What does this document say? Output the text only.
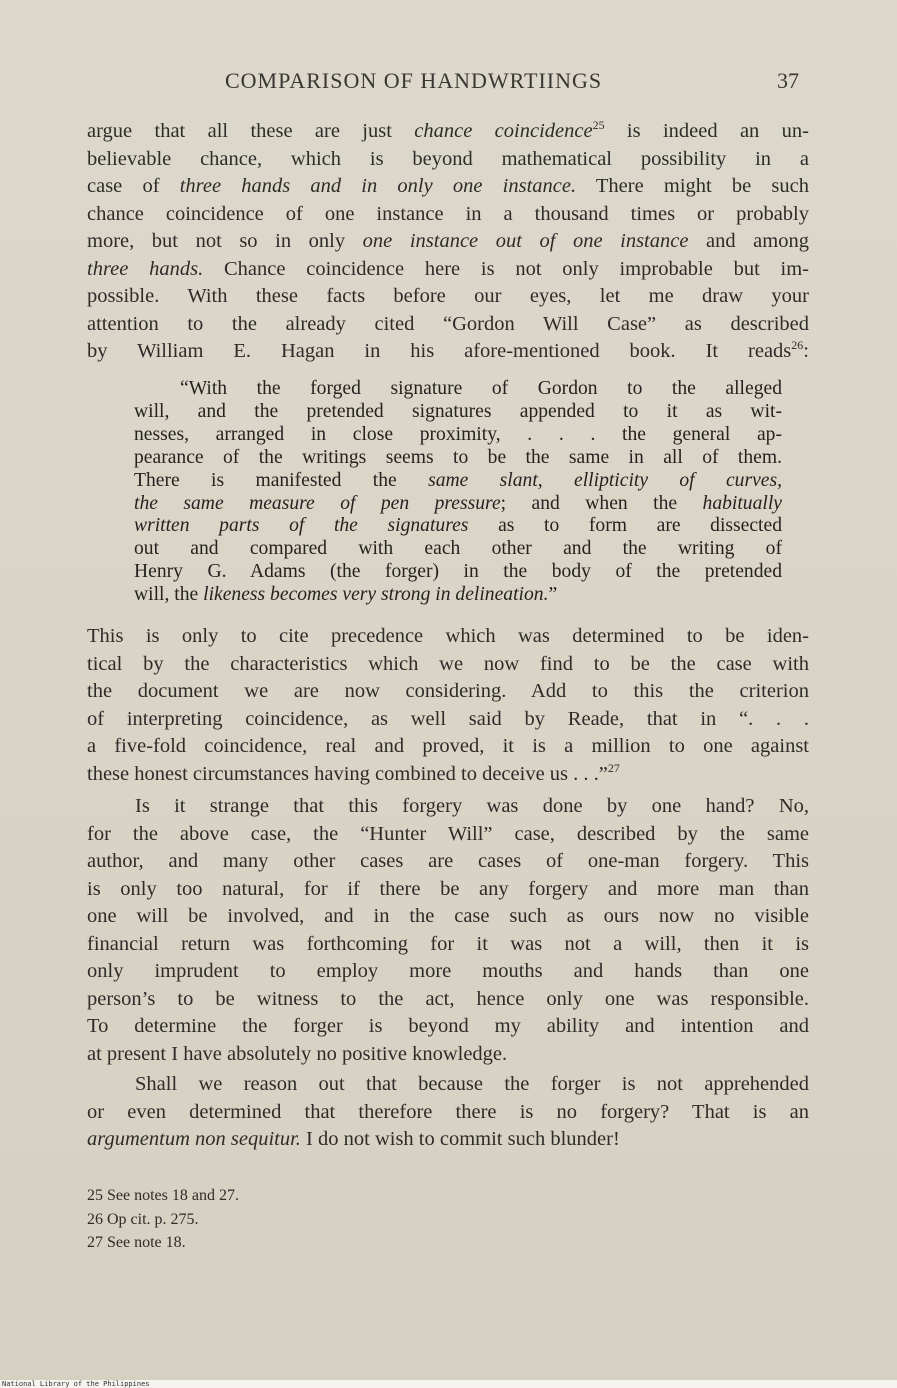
COMPARISON OF HANDWRTIINGS	37
argue that all these are just chance coincidence$^{25}$ is indeed an un-
believable chance, which is beyond mathematical possibility in a
case of three hands and in only one instance. There might be such
chance coincidence of one instance in a thousand times or probably
more, but not so in only one instance out of one instance and among
three hands. Chance coincidence here is not only improbable but im-
possible. With these facts before our eyes, let me draw your
attention to the already cited “Gordon Will Case” as described
by William E. Hagan in his afore-mentioned book. It reads$^{26}$:
“With the forged signature of Gordon to the alleged
will, and the pretended signatures appended to it as wit-
nesses, arranged in close proximity, . . . the general ap-
pearance of the writings seems to be the same in all of them.
There is manifested the same slant, ellipticity of curves,
the same measure of pen pressure; and when the habitually
written parts of the signatures as to form are dissected
out and compared with each other and the writing of
Henry G. Adams (the forger) in the body of the pretended
will, the likeness becomes very strong in delineation.”
This is only to cite precedence which was determined to be iden-
tical by the characteristics which we now find to be the case with
the document we are now considering. Add to this the criterion
of interpreting coincidence, as well said by Reade, that in “. . .
a five-fold coincidence, real and proved, it is a million to one against
these honest circumstances having combined to deceive us . . .”$^{27}$
Is it strange that this forgery was done by one hand? No,
for the above case, the “Hunter Will” case, described by the same
author, and many other cases are cases of one-man forgery. This
is only too natural, for if there be any forgery and more man than
one will be involved, and in the case such as ours now no visible
financial return was forthcoming for it was not a will, then it is
only imprudent to employ more mouths and hands than one
person’s to be witness to the act, hence only one was responsible.
To determine the forger is beyond my ability and intention and
at present I have absolutely no positive knowledge.
Shall we reason out that because the forger is not apprehended
or even determined that therefore there is no forgery? That is an
argumentum non sequitur. I do not wish to commit such blunder!
25 See notes 18 and 27.
26 Op cit. p. 275.
27 See note 18.
National Library of the Philippines
